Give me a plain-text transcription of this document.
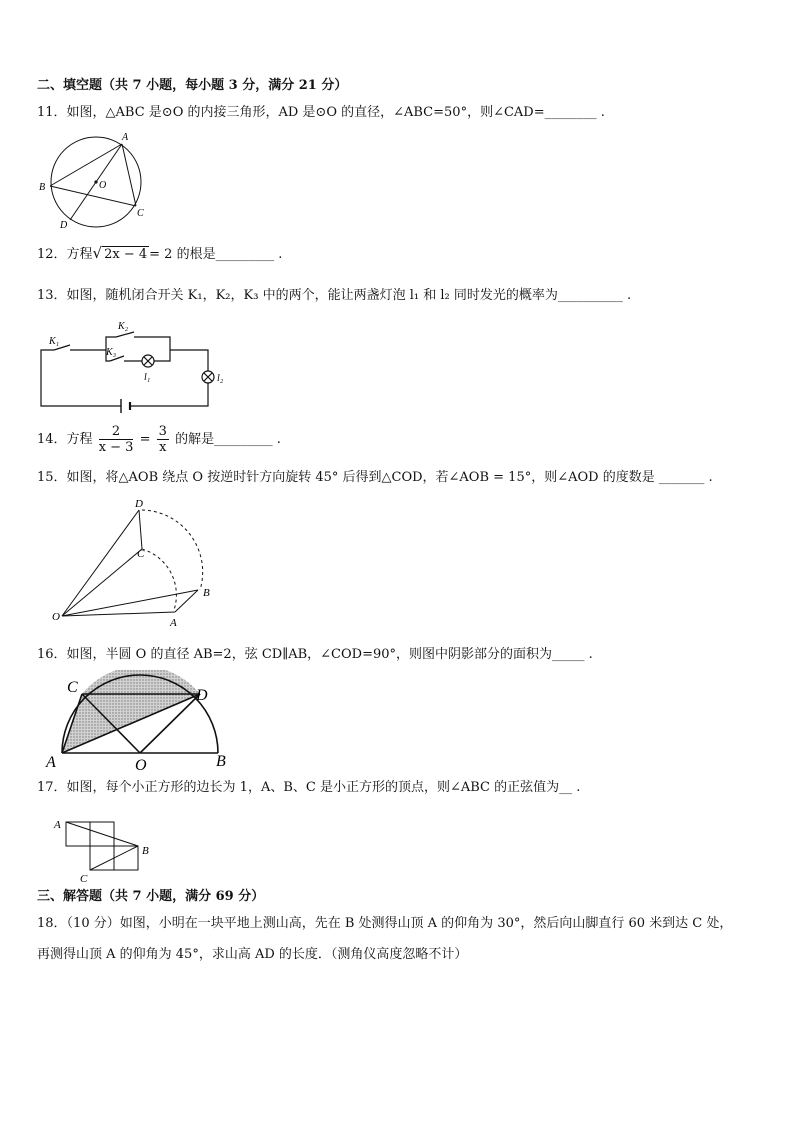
二、填空题（共 7 小题，每小题 3 分，满分 21 分）
11．如图，△ABC 是⊙O 的内接三角形，AD 是⊙O 的直径，∠ABC=50°，则∠CAD=________ .
A
B
C
D
O
12．方程√ 2x − 4 = 2 的根是_________ .
13．如图，随机闭合开关 K₁，K₂，K₃ 中的两个，能让两盏灯泡 l₁ 和 l₂ 同时发光的概率为__________ .
K₁
K₂
K₃
l₁	l₂
14．方程 $\frac{2}{x - 3} = \frac{3}{x}$ 的解是_________ .
15．如图，将△AOB 绕点 O 按逆时针方向旋转 45° 后得到△COD，若∠AOB = 15°，则∠AOD 的度数是 _______ .
O	A
B
C
D
16．如图，半圆 O 的直径 AB=2，弦 CD∥AB，∠COD=90°，则图中阴影部分的面积为_____ .
C	D
A	O	B
17．如图，每个小正方形的边长为 1，A、B、C 是小正方形的顶点，则∠ABC 的正弦值为__ .
A
B
C
三、解答题（共 7 小题，满分 69 分）
18．（10 分）如图，小明在一块平地上测山高，先在 B 处测得山顶 A 的仰角为 30°，然后向山脚直行 60 米到达 C 处，
再测得山顶 A 的仰角为 45°，求山高 AD 的长度．（测角仪高度忽略不计）
